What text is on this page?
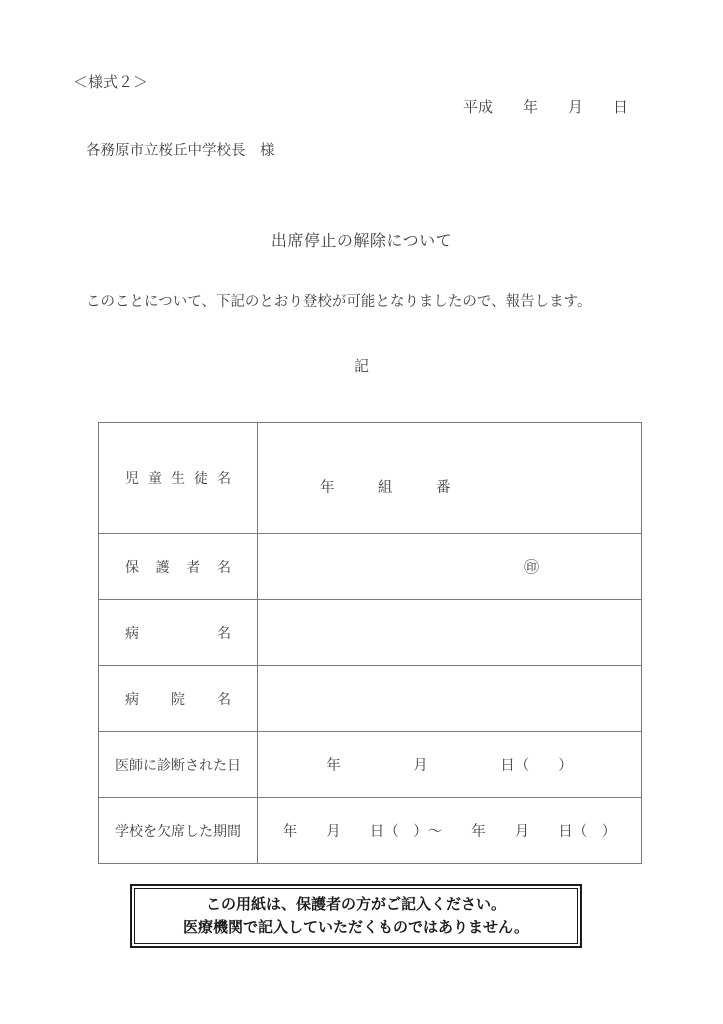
＜様式２＞
平成　　年　　月　　日
各務原市立桜丘中学校長　様
出席停止の解除について
このことについて、下記のとおり登校が可能となりましたので、報告します。
記
児 童 生 徒 名	年　　　組　　　番

保 護 者 名	㊞
病 名	
病 院 名	
医師に診断された日	年　　　　　月　　　　　日（　　）
学校を欠席した期間	年　　月　　日（　）～　　年　　月　　日（　）
この用紙は、保護者の方がご記入ください。
医療機関で記入していただくものではありません。
